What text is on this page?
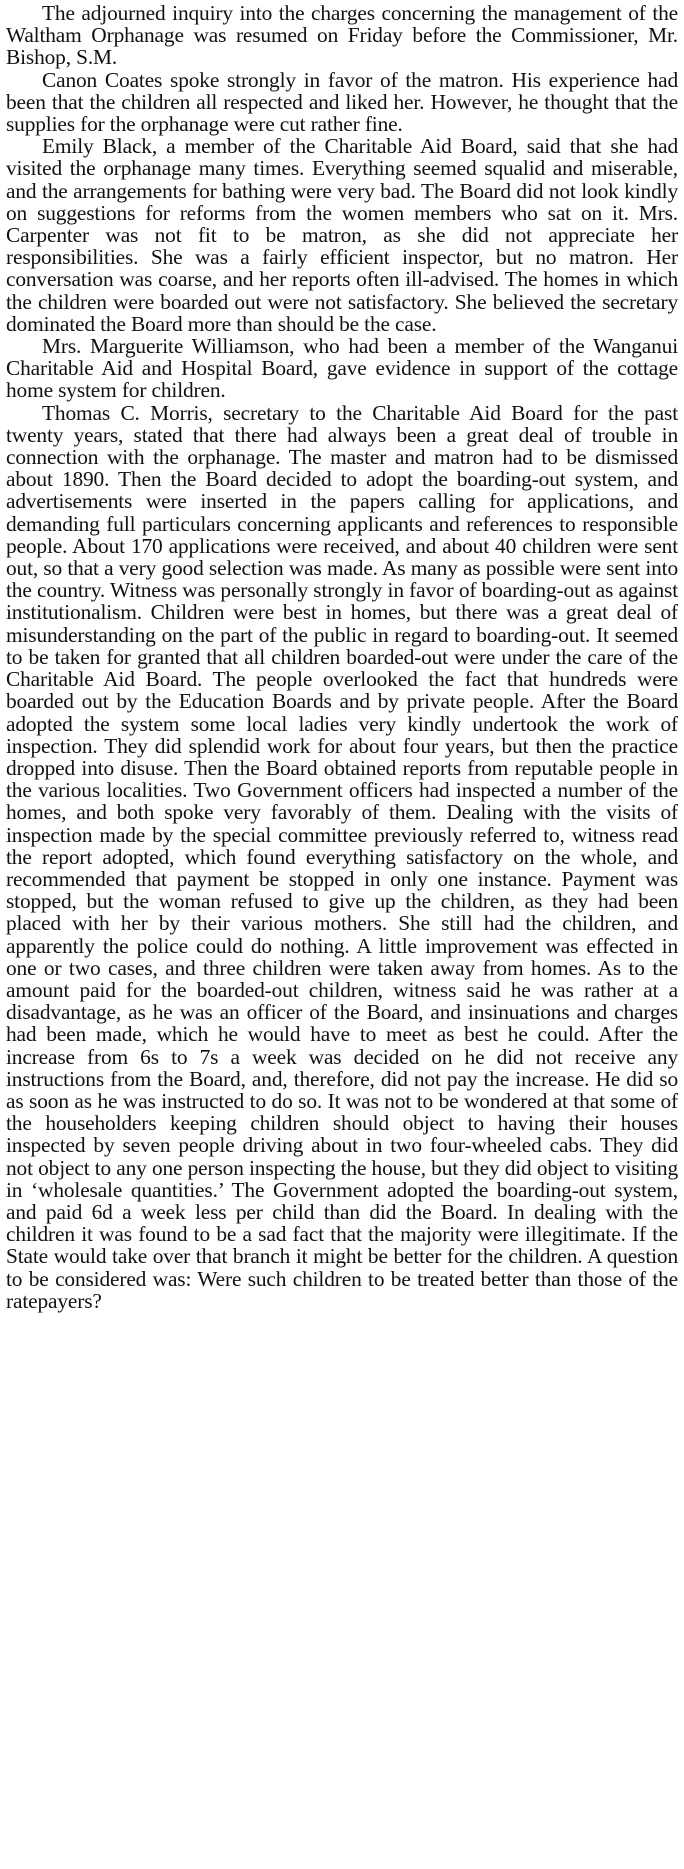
The adjourned inquiry into the charges concerning the management of the Waltham Orphanage was resumed on Friday before the Commissioner, Mr. Bishop, S.M.

Canon Coates spoke strongly in favor of the matron. His experience had been that the children all respected and liked her. However, he thought that the supplies for the orphanage were cut rather fine.

Emily Black, a member of the Charitable Aid Board, said that she had visited the orphanage many times. Everything seemed squalid and miserable, and the arrangements for bathing were very bad. The Board did not look kindly on suggestions for reforms from the women members who sat on it. Mrs. Carpenter was not fit to be matron, as she did not appreciate her responsibilities. She was a fairly efficient inspector, but no matron. Her conversation was coarse, and her reports often ill-advised. The homes in which the children were boarded out were not satisfactory. She believed the secretary dominated the Board more than should be the case.

Mrs. Marguerite Williamson, who had been a member of the Wanganui Charitable Aid and Hospital Board, gave evidence in support of the cottage home system for children.

Thomas C. Morris, secretary to the Charitable Aid Board for the past twenty years, stated that there had always been a great deal of trouble in connection with the orphanage. The master and matron had to be dismissed about 1890. Then the Board decided to adopt the boarding-out system, and advertisements were inserted in the papers calling for applications, and demanding full particulars concerning applicants and references to responsible people. About 170 applications were received, and about 40 children were sent out, so that a very good selection was made. As many as possible were sent into the country. Witness was personally strongly in favor of boarding-out as against institutionalism. Children were best in homes, but there was a great deal of misunderstanding on the part of the public in regard to boarding-out. It seemed to be taken for granted that all children boarded-out were under the care of the Charitable Aid Board. The people overlooked the fact that hundreds were boarded out by the Education Boards and by private people. After the Board adopted the system some local ladies very kindly undertook the work of inspection. They did splendid work for about four years, but then the practice dropped into disuse. Then the Board obtained reports from reputable people in the various localities. Two Government officers had inspected a number of the homes, and both spoke very favorably of them. Dealing with the visits of inspection made by the special committee previously referred to, witness read the report adopted, which found everything satisfactory on the whole, and recommended that payment be stopped in only one instance. Payment was stopped, but the woman refused to give up the children, as they had been placed with her by their various mothers. She still had the children, and apparently the police could do nothing. A little improvement was effected in one or two cases, and three children were taken away from homes. As to the amount paid for the boarded-out children, witness said he was rather at a disadvantage, as he was an officer of the Board, and insinuations and charges had been made, which he would have to meet as best he could. After the increase from 6s to 7s a week was decided on he did not receive any instructions from the Board, and, therefore, did not pay the increase. He did so as soon as he was instructed to do so. It was not to be wondered at that some of the householders keeping children should object to having their houses inspected by seven people driving about in two four-wheeled cabs. They did not object to any one person inspecting the house, but they did object to visiting in ‘wholesale quantities.’ The Government adopted the boarding-out system, and paid 6d a week less per child than did the Board. In dealing with the children it was found to be a sad fact that the majority were illegitimate. If the State would take over that branch it might be better for the children. A question to be considered was: Were such children to be treated better than those of the ratepayers?
